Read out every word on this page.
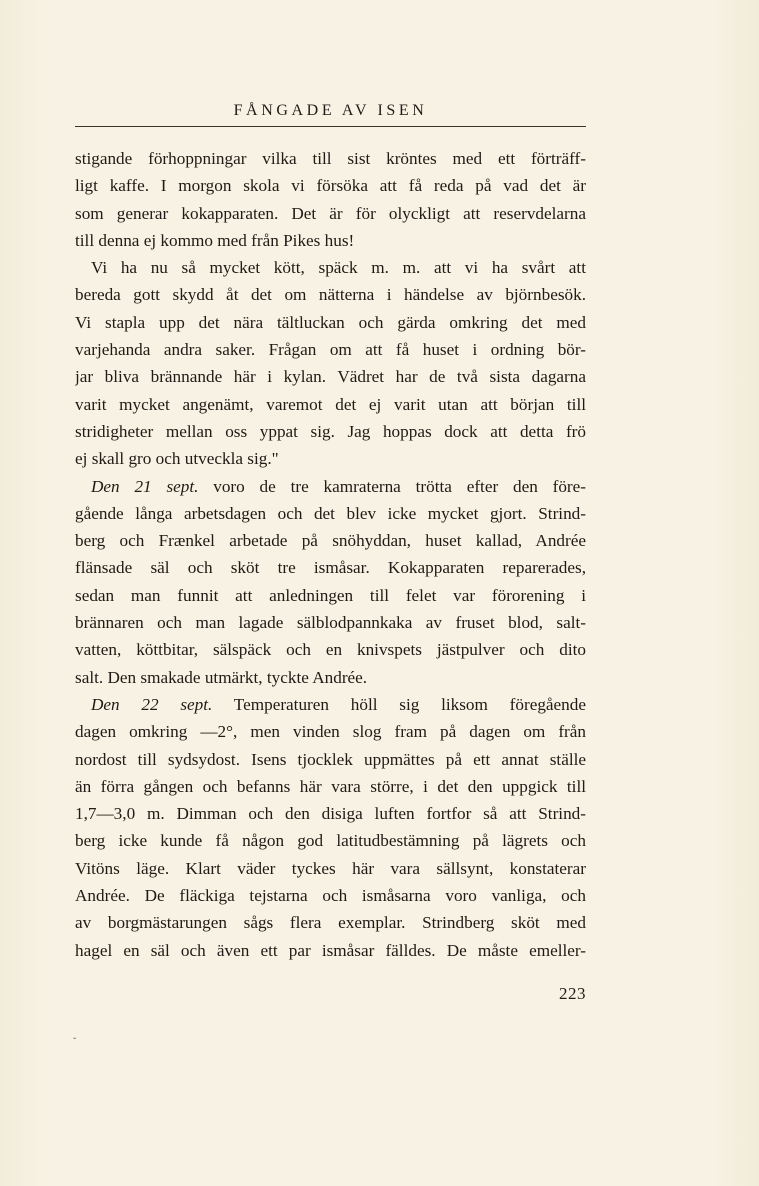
FÅNGADE AV ISEN
stigande förhoppningar vilka till sist kröntes med ett förträff-
ligt kaffe. I morgon skola vi försöka att få reda på vad det är
som generar kokapparaten. Det är för olyckligt att reservdelarna
till denna ej kommo med från Pikes hus!
Vi ha nu så mycket kött, späck m. m. att vi ha svårt att
bereda gott skydd åt det om nätterna i händelse av björnbesök.
Vi stapla upp det nära tältluckan och gärda omkring det med
varjehanda andra saker. Frågan om att få huset i ordning bör-
jar bliva brännande här i kylan. Vädret har de två sista dagarna
varit mycket angenämt, varemot det ej varit utan att början till
stridigheter mellan oss yppat sig. Jag hoppas dock att detta frö
ej skall gro och utveckla sig."
Den 21 sept. voro de tre kamraterna trötta efter den före-
gående långa arbetsdagen och det blev icke mycket gjort. Strind-
berg och Frænkel arbetade på snöhyddan, huset kallad, Andrée
flänsade säl och sköt tre ismåsar. Kokapparaten reparerades,
sedan man funnit att anledningen till felet var förorening i
brännaren och man lagade sälblodpannkaka av fruset blod, salt-
vatten, köttbitar, sälspäck och en knivspets jästpulver och dito
salt. Den smakade utmärkt, tyckte Andrée.
Den 22 sept. Temperaturen höll sig liksom föregående
dagen omkring —2°, men vinden slog fram på dagen om från
nordost till sydsydost. Isens tjocklek uppmättes på ett annat ställe
än förra gången och befanns här vara större, i det den uppgick till
1,7—3,0 m. Dimman och den disiga luften fortfor så att Strind-
berg icke kunde få någon god latitudbestämning på lägrets och
Vitöns läge. Klart väder tyckes här vara sällsynt, konstaterar
Andrée. De fläckiga tejstarna och ismåsarna voro vanliga, och
av borgmästarungen sågs flera exemplar. Strindberg sköt med
hagel en säl och även ett par ismåsar fälldes. De måste emeller-
223
ˇ
